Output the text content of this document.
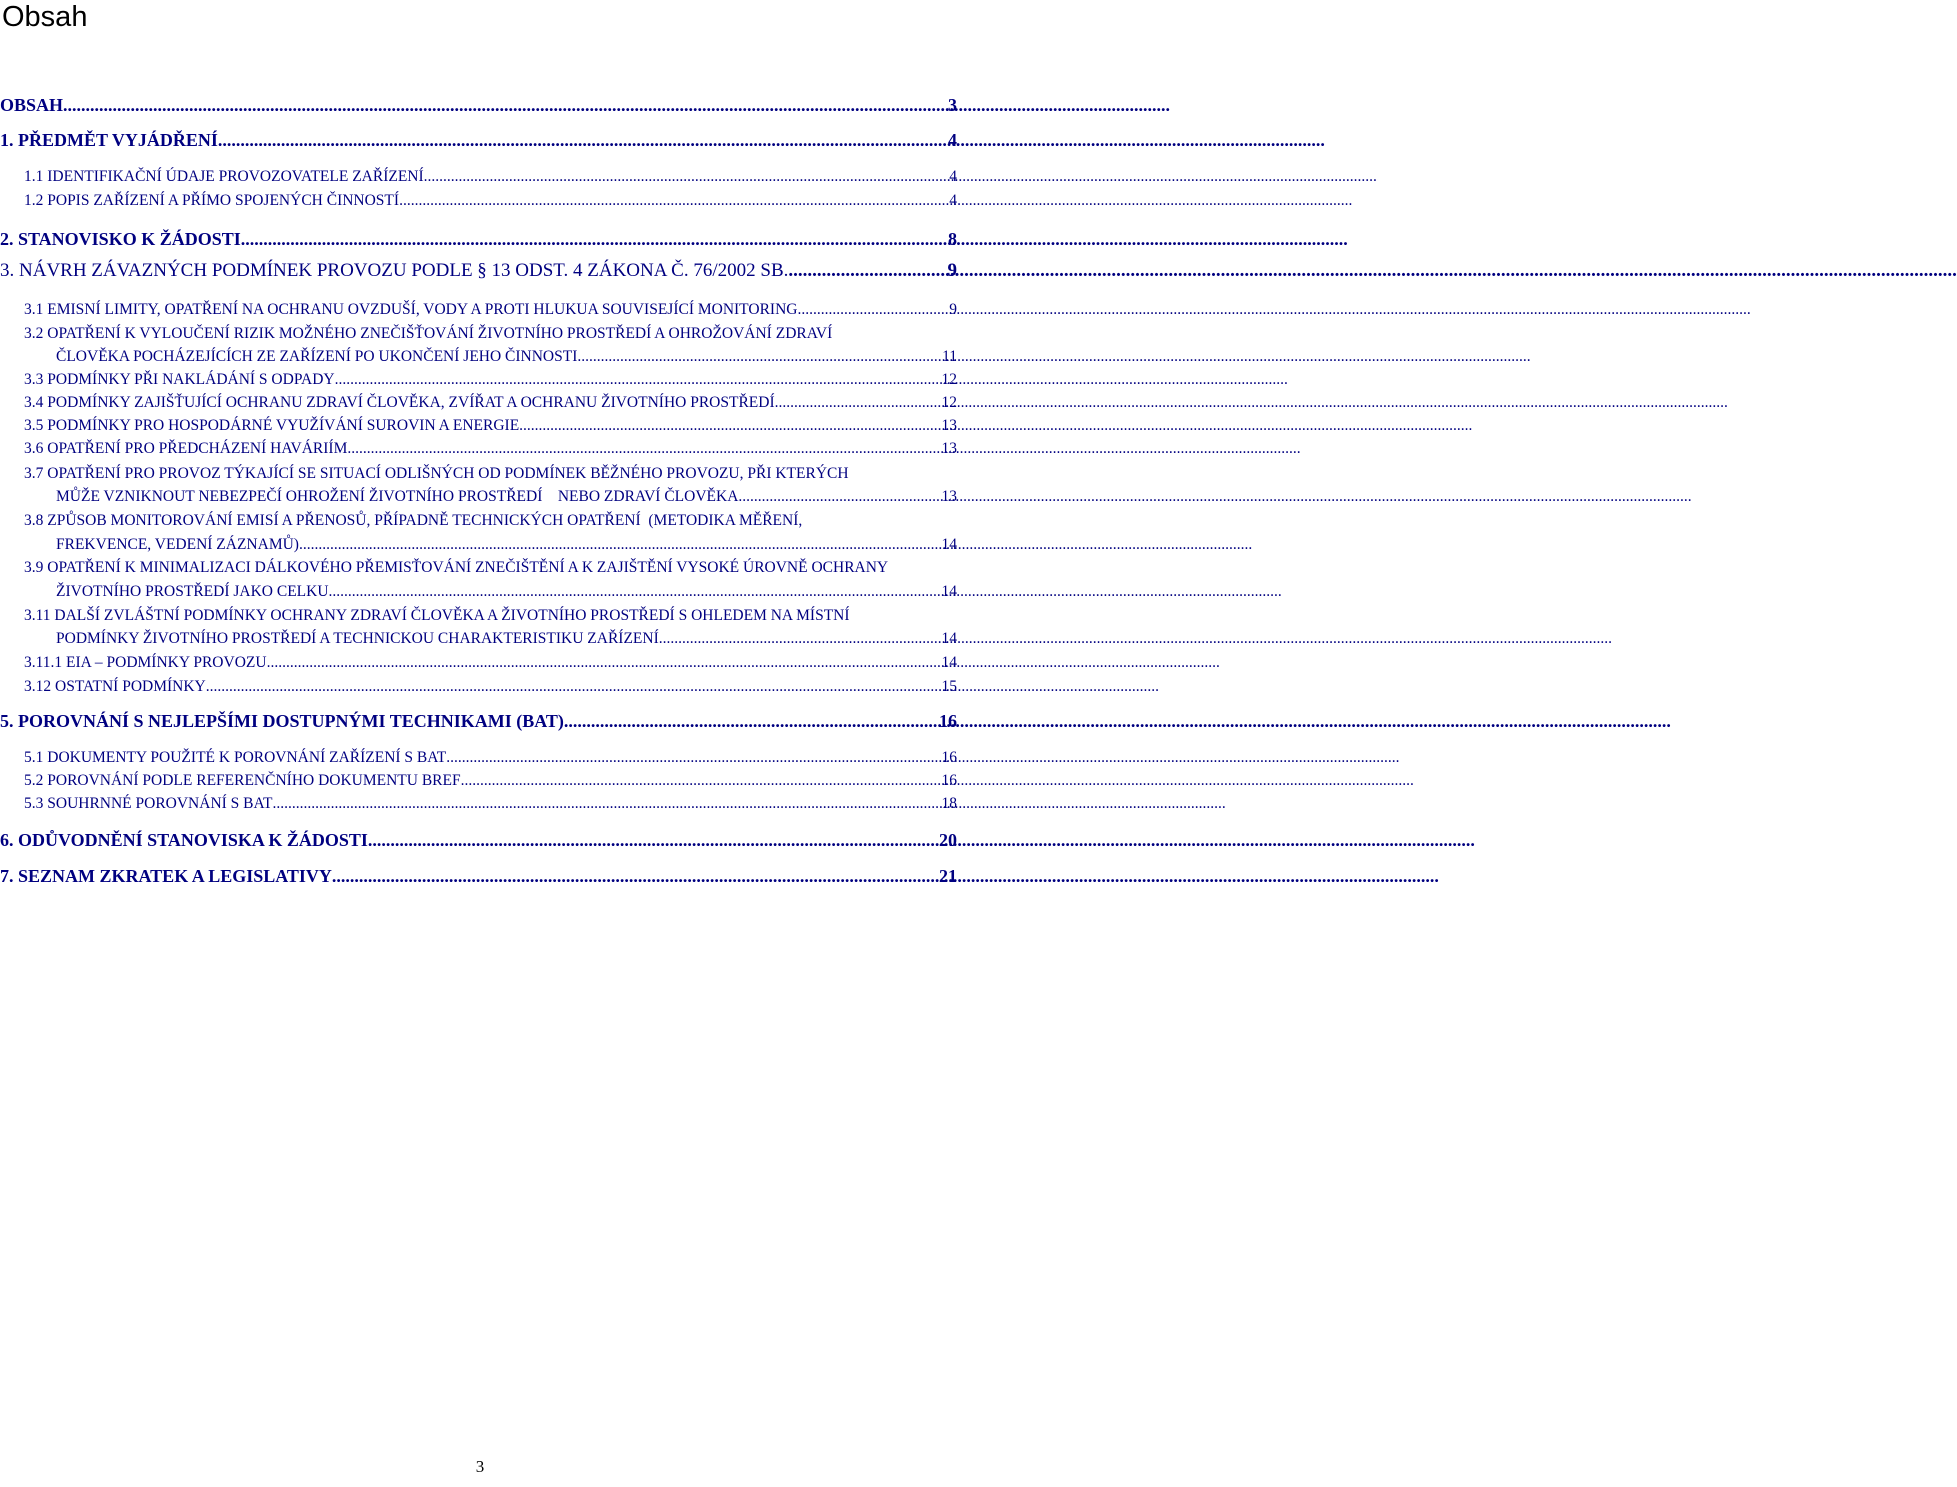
Obsah
OBSAH .....	3
1. PŘEDMĚT VYJÁDŘENÍ .....	4
1.1 IDENTIFIKAČNÍ ÚDAJE PROVOZOVATELE ZAŘÍZENÍ .....	4
1.2 POPIS ZAŘÍZENÍ A PŘÍMO SPOJENÝCH ČINNOSTÍ .....	4
2. STANOVISKO K ŽÁDOSTI .....	8
3. NÁVRH ZÁVAZNÝCH PODMÍNEK PROVOZU PODLE § 13 ODST. 4 ZÁKONA Č. 76/2002 SB. .....	9
3.1 EMISNÍ LIMITY, OPATŘENÍ NA OCHRANU OVZDUŠÍ, VODY A PROTI HLUKUA SOUVISEJÍCÍ MONITORING .....	9
3.2 OPATŘENÍ K VYLOUČENÍ RIZIK MOŽNÉHO ZNEČIŠŤOVÁNÍ ŽIVOTNÍHO PROSTŘEDÍ A OHROŽOVÁNÍ ZDRAVÍ
ČLOVĚKA POCHÁZEJÍCÍCH ZE ZAŘÍZENÍ PO UKONČENÍ JEHO ČINNOSTI .....	11
3.3 PODMÍNKY PŘI NAKLÁDÁNÍ S ODPADY .....	12
3.4 PODMÍNKY ZAJIŠŤUJÍCÍ OCHRANU ZDRAVÍ ČLOVĚKA, ZVÍŘAT A OCHRANU ŽIVOTNÍHO PROSTŘEDÍ .....	12
3.5 PODMÍNKY PRO HOSPODÁRNÉ VYUŽÍVÁNÍ SUROVIN A ENERGIE .....	13
3.6 OPATŘENÍ PRO PŘEDCHÁZENÍ HAVÁRIÍM .....	13
3.7 OPATŘENÍ PRO PROVOZ TÝKAJÍCÍ SE SITUACÍ ODLIŠNÝCH OD PODMÍNEK BĚŽNÉHO PROVOZU, PŘI KTERÝCH
MŮŽE VZNIKNOUT NEBEZPEČÍ OHROŽENÍ ŽIVOTNÍHO PROSTŘEDÍ    NEBO ZDRAVÍ ČLOVĚKA .....	13
3.8 ZPŮSOB MONITOROVÁNÍ EMISÍ A PŘENOSŮ, PŘÍPADNĚ TECHNICKÝCH OPATŘENÍ  (METODIKA MĚŘENÍ,
FREKVENCE, VEDENÍ ZÁZNAMŮ) .....	14
3.9 OPATŘENÍ K MINIMALIZACI DÁLKOVÉHO PŘEMISŤOVÁNÍ ZNEČIŠTĚNÍ A K ZAJIŠTĚNÍ VYSOKÉ ÚROVNĚ OCHRANY
ŽIVOTNÍHO PROSTŘEDÍ JAKO CELKU .....	14
3.11 DALŠÍ ZVLÁŠTNÍ PODMÍNKY OCHRANY ZDRAVÍ ČLOVĚKA A ŽIVOTNÍHO PROSTŘEDÍ S OHLEDEM NA MÍSTNÍ
PODMÍNKY ŽIVOTNÍHO PROSTŘEDÍ A TECHNICKOU CHARAKTERISTIKU ZAŘÍZENÍ .....	14
3.11.1 EIA – PODMÍNKY PROVOZU .....	14
3.12 OSTATNÍ PODMÍNKY .....	15
5. POROVNÁNÍ S NEJLEPŠÍMI DOSTUPNÝMI TECHNIKAMI (BAT) .....	16
5.1 DOKUMENTY POUŽITÉ K POROVNÁNÍ ZAŘÍZENÍ S BAT .....	16
5.2 POROVNÁNÍ PODLE REFERENČNÍHO DOKUMENTU BREF .....	16
5.3 SOUHRNNÉ POROVNÁNÍ S BAT .....	18
6. ODŮVODNĚNÍ STANOVISKA K ŽÁDOSTI .....	20
7. SEZNAM ZKRATEK A LEGISLATIVY .....	21
3
